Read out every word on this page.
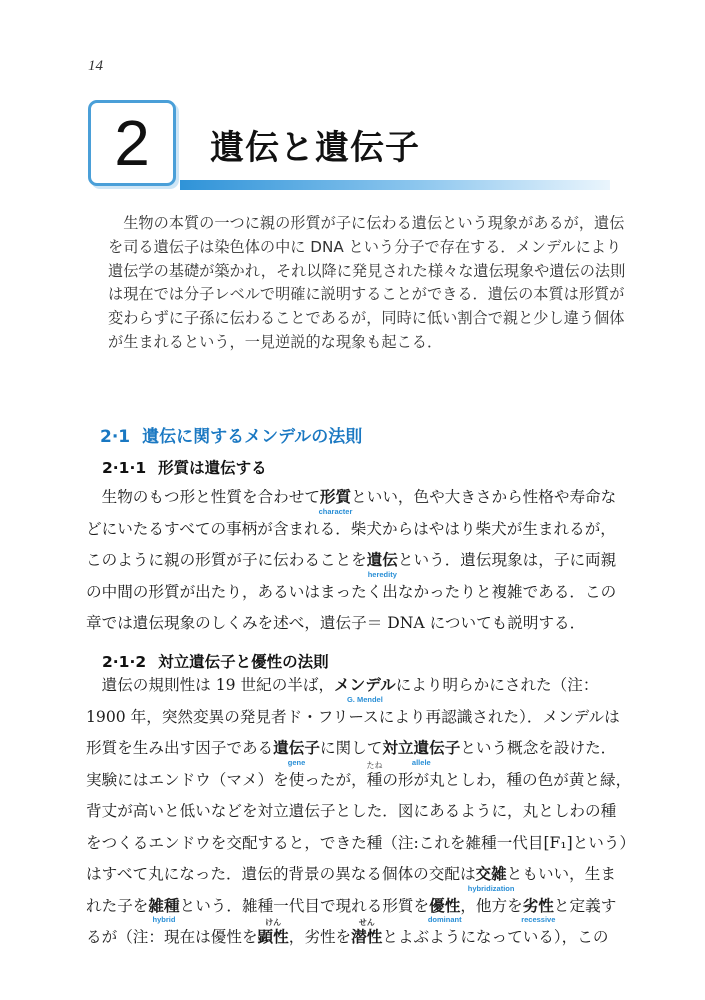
14
2 遺伝と遺伝子

　生物の本質の一つに親の形質が子に伝わる遺伝という現象があるが，遺伝
を司る遺伝子は染色体の中に DNA という分子で存在する．メンデルにより
遺伝学の基礎が築かれ，それ以降に発見された様々な遺伝現象や遺伝の法則
は現在では分子レベルで明確に説明することができる．遺伝の本質は形質が
変わらずに子孫に伝わることであるが，同時に低い割合で親と少し違う個体
が生まれるという，一見逆説的な現象も起こる．

2·1 遺伝に関するメンデルの法則
2·1·1 形質は遺伝する

　生物のもつ形と性質を合わせて形質
character
といい，色や大きさから性格や寿命な
どにいたるすべての事柄が含まれる．柴犬からはやはり柴犬が生まれるが，
このように親の形質が子に伝わることを遺伝
heredity
という．遺伝現象は，子に両親
の中間の形質が出たり，あるいはまったく出なかったりと複雑である．この
章では遺伝現象のしくみを述べ，遺伝子＝ DNA についても説明する．

2·1·2 対立遺伝子と優性の法則

　遺伝の規則性は 19 世紀の半ば，メンデル
G. Mendel
により明らかにされた（注：
1900 年，突然変異の発見者ド・フリースにより再認識された）．メンデルは
形質を生み出す因子である遺伝子
gene
に関して対立遺伝子
allele
という概念を設けた．
実験にはエンドウ（マメ）を使ったが，種
たね
の形が丸としわ，種の色が黄と緑，
背丈が高いと低いなどを対立遺伝子とした．図にあるように，丸としわの種
をつくるエンドウを交配すると，できた種（注:これを雑種一代目[F₁]という）
はすべて丸になった．遺伝的背景の異なる個体の交配は交雑
hybridization
ともいい，生ま
れた子を雑種
hybrid
という．雑種一代目で現れる形質を優性
dominant
，他方を劣性
recessive
と定義す
るが（注：現在は優性を顕性
けん
，劣性を潜性
せん
とよぶようになっている），この
